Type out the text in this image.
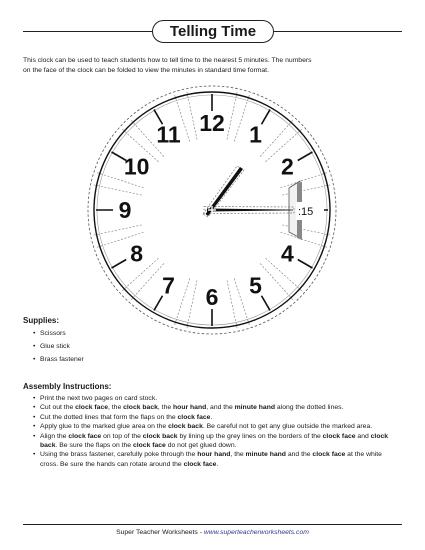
Telling Time

This clock can be used to teach students how to tell time to the nearest 5 minutes. The numbers

on the face of the clock can be folded to view the minutes in standard time format.

12 1
2
4
5
6
7
8
9
10
11
:15
Supplies:
• Scissors
• Glue stick
• Brass fastener
Assembly Instructions:
• Print the next two pages on card stock.
• Cut out the clock face, the clock back, the hour hand, and the minute hand along the dotted lines.
• Cut the dotted lines that form the flaps on the clock face.
• Apply glue to the marked glue area on the clock back. Be careful not to get any glue outside the marked area.
• Align the clock face on top of the clock back by lining up the grey lines on the borders of the clock face and clock back. Be sure the flaps on the clock face do not get glued down.
• Using the brass fastener, carefully poke through the hour hand, the minute hand and the clock face at the white cross. Be sure the hands can rotate around the clock face.
Super Teacher Worksheets - www.superteacherworksheets.com
